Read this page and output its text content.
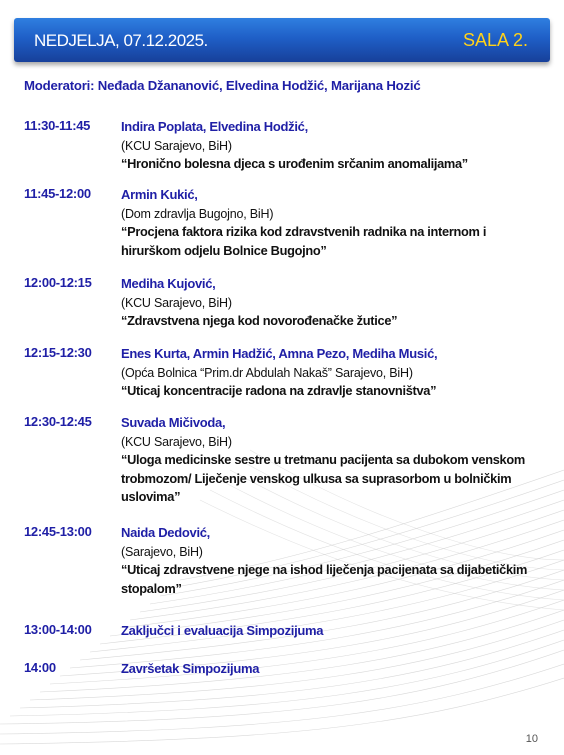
NEDJELJA, 07.12.2025.	SALA 2.
Moderatori: Neđada Džananović, Elvedina Hodžić, Marijana Hozić
11:30-11:45	Indira Poplata, Elvedina Hodžić,
(KCU Sarajevo, BiH)
“Hronično bolesna djeca s urođenim srčanim anomalijama”
11:45-12:00	Armin Kukić,
(Dom zdravlja Bugojno, BiH)
“Procjena faktora rizika kod zdravstvenih radnika na internom i hirurškom odjelu Bolnice Bugojno”
12:00-12:15	Mediha Kujović,
(KCU Sarajevo, BiH)
“Zdravstvena njega kod novorođenačke žutice”
12:15-12:30	Enes Kurta, Armin Hadžić, Amna Pezo, Mediha Musić,
(Opća Bolnica “Prim.dr Abdulah Nakaš” Sarajevo, BiH)
“Uticaj koncentracije radona na zdravlje stanovništva”
12:30-12:45	Suvada Mičivoda,
(KCU Sarajevo, BiH)
“Uloga medicinske sestre u tretmanu pacijenta sa dubokom venskom trobmozom/ Liječenje venskog ulkusa sa suprasorbom u bolničkim uslovima”
12:45-13:00	Naida Dedović,
(Sarajevo, BiH)
“Uticaj zdravstvene njege na ishod liječenja pacijenata sa dijabetičkim stopalom”
13:00-14:00	Zaključci i evaluacija Simpozijuma
14:00	Završetak Simpozijuma
10
